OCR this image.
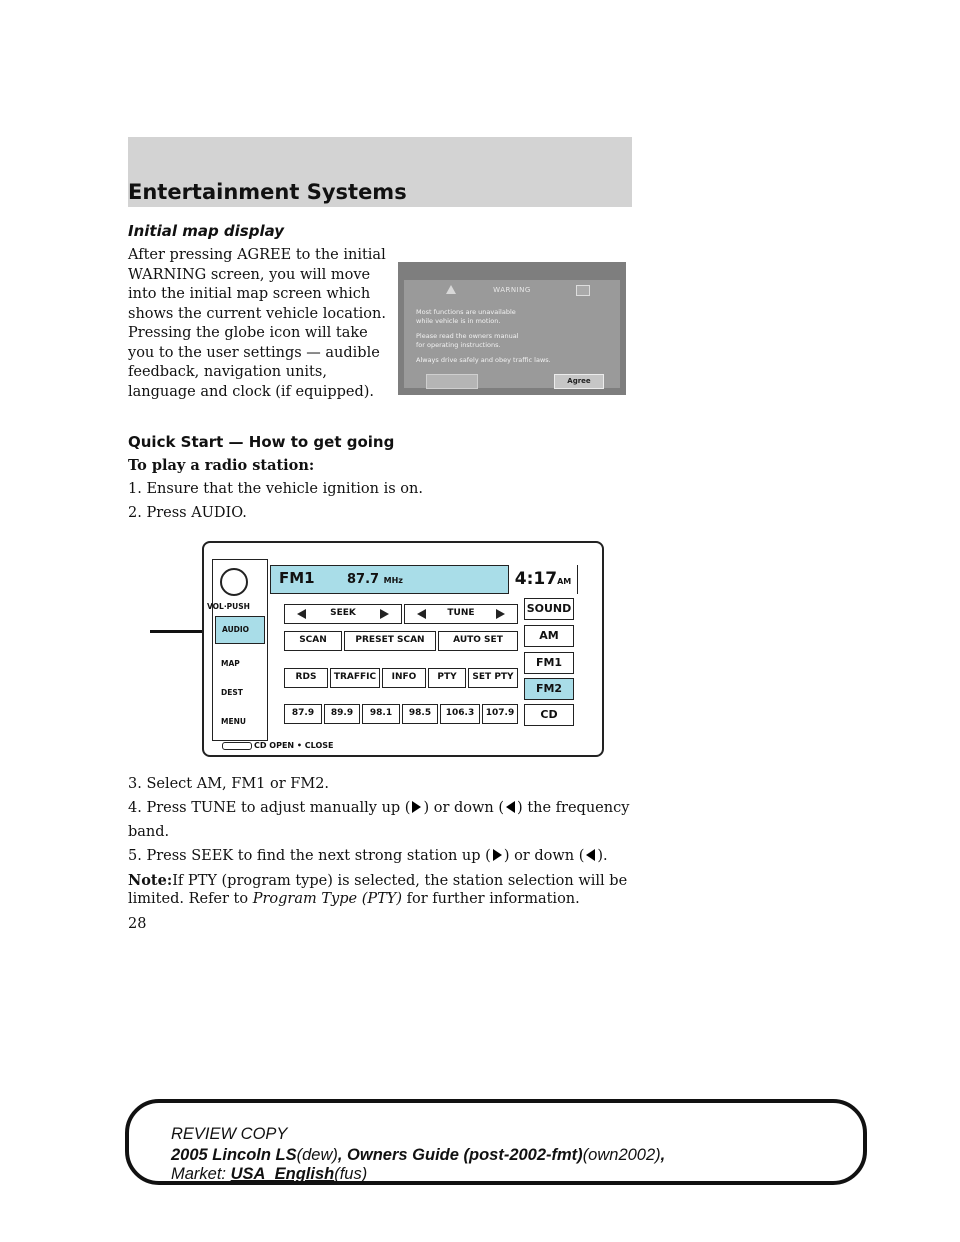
Entertainment Systems
Initial map display
After pressing AGREE to the initial WARNING screen, you will move into the initial map screen which shows the current vehicle location. Pressing the globe icon will take you to the user settings — audible feedback, navigation units, language and clock (if equipped).
WARNING
Most functions are unavailable
while vehicle is in motion.
Please read the owners manual
for operating instructions.
Always drive safely and obey traffic laws.
Agree
Quick Start — How to get going
To play a radio station:
1. Ensure that the vehicle ignition is on.
2. Press AUDIO.
VOL·PUSH
AUDIO
MAP
DEST
MENU
FM1 87.7 MHz	4:17AM
SEEK	TUNE
SCAN	PRESET SCAN	AUTO SET
RDS	TRAFFIC	INFO	PTY	SET PTY
87.9	89.9	98.1	98.5	106.3	107.9
SOUND
AM
FM1
FM2
CD
CD OPEN • CLOSE
3. Select AM, FM1 or FM2.
4. Press TUNE to adjust manually up ( ) or down ( ) the frequency
band.
5. Press SEEK to find the next strong station up ( ) or down ( ).
Note:If PTY (program type) is selected, the station selection will be
limited. Refer to Program Type (PTY) for further information.
28
REVIEW COPY
2005 Lincoln LS(dew), Owners Guide (post-2002-fmt)(own2002),
Market: USA_English(fus)
